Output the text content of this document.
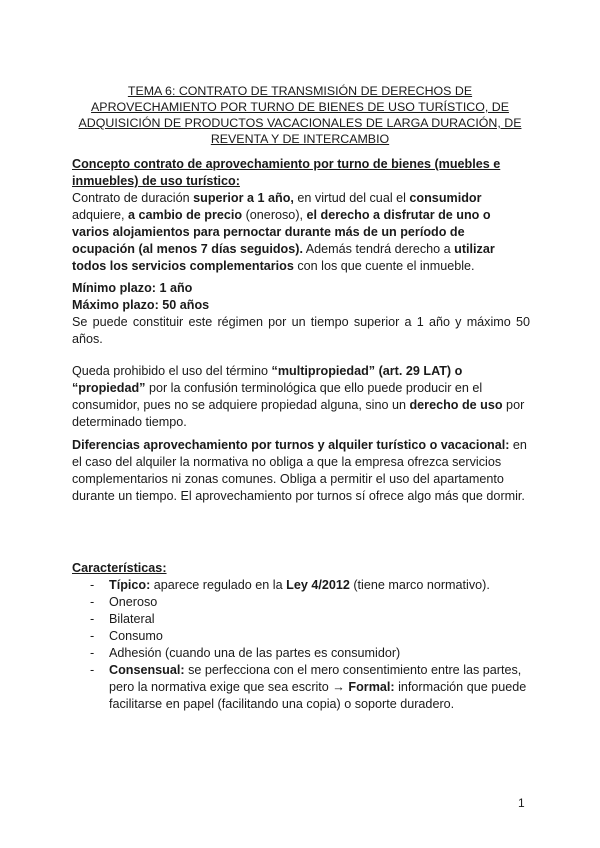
TEMA 6: CONTRATO DE TRANSMISIÓN DE DERECHOS DE APROVECHAMIENTO POR TURNO DE BIENES DE USO TURÍSTICO, DE ADQUISICIÓN DE PRODUCTOS VACACIONALES DE LARGA DURACIÓN, DE REVENTA Y DE INTERCAMBIO
Concepto contrato de aprovechamiento por turno de bienes (muebles e inmuebles) de uso turístico:
Contrato de duración superior a 1 año, en virtud del cual el consumidor adquiere, a cambio de precio (oneroso), el derecho a disfrutar de uno o varios alojamientos para pernoctar durante más de un período de ocupación (al menos 7 días seguidos). Además tendrá derecho a utilizar todos los servicios complementarios con los que cuente el inmueble.
Mínimo plazo: 1 año
Máximo plazo: 50 años
Se puede constituir este régimen por un tiempo superior a 1 año y máximo 50 años.
Queda prohibido el uso del término “multipropiedad” (art. 29 LAT) o “propiedad” por la confusión terminológica que ello puede producir en el consumidor, pues no se adquiere propiedad alguna, sino un derecho de uso por determinado tiempo.
Diferencias aprovechamiento por turnos y alquiler turístico o vacacional: en el caso del alquiler la normativa no obliga a que la empresa ofrezca servicios complementarios ni zonas comunes. Obliga a permitir el uso del apartamento durante un tiempo. El aprovechamiento por turnos sí ofrece algo más que dormir.
Características:
- Típico: aparece regulado en la Ley 4/2012 (tiene marco normativo).
- Oneroso
- Bilateral
- Consumo
- Adhesión (cuando una de las partes es consumidor)
- Consensual: se perfecciona con el mero consentimiento entre las partes, pero la normativa exige que sea escrito → Formal: información que puede facilitarse en papel (facilitando una copia) o soporte duradero.
1
